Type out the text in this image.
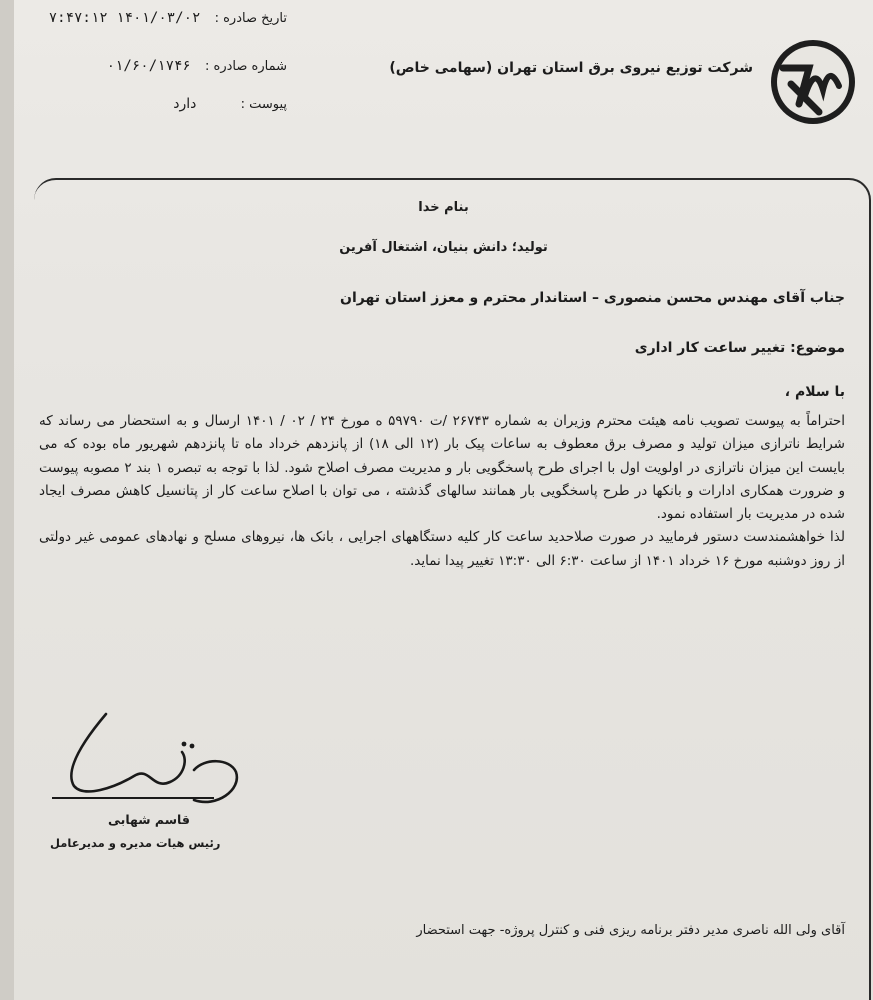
تاریخ صادره : ۱۴۰۱/۰۳/۰۲ ۷:۴۷:۱۲
شماره صادره : ۰۱/۶۰/۱۷۴۶
پیوست : دارد
شرکت توزیع نیروی برق استان تهران (سهامی خاص)
بنام خدا
تولید؛ دانش بنیان، اشتغال آفرین
جناب آقای مهندس محسن منصوری – استاندار محترم و معزز استان تهران
موضوع: تغییر ساعت کار اداری
با سلام ،

احتراماً به پیوست تصویب نامه هیئت محترم وزیران به شماره ۲۶۷۴۳ /ت ۵۹۷۹۰ ه مورخ ۲۴ / ۰۲ / ۱۴۰۱ ارسال و به استحضار می رساند که شرایط ناترازی میزان تولید و مصرف برق معطوف به ساعات پیک بار (۱۲ الی ۱۸) از پانزدهم خرداد ماه تا پانزدهم شهریور ماه بوده که می بایست این میزان ناترازی در اولویت اول با اجرای طرح پاسخگویی بار و مدیریت مصرف اصلاح شود. لذا با توجه به تبصره ۱ بند ۲ مصوبه پیوست و ضرورت همکاری ادارات و بانکها در طرح پاسخگویی بار همانند سالهای گذشته ، می توان با اصلاح ساعت کار از پتانسیل کاهش مصرف ایجاد شده در مدیریت بار استفاده نمود.

لذا خواهشمندست دستور فرمایید در صورت صلاحدید ساعت کار کلیه دستگاههای اجرایی ، بانک ها، نیروهای مسلح و نهادهای عمومی غیر دولتی از روز دوشنبه مورخ ۱۶ خرداد ۱۴۰۱ از ساعت ۶:۳۰ الی ۱۳:۳۰ تغییر پیدا نماید.

قاسم شهابی
رئیس هیات مدیره و مدیرعامل
آقای ولی الله ناصری مدیر دفتر برنامه ریزی فنی و کنترل پروژه- جهت استحضار
